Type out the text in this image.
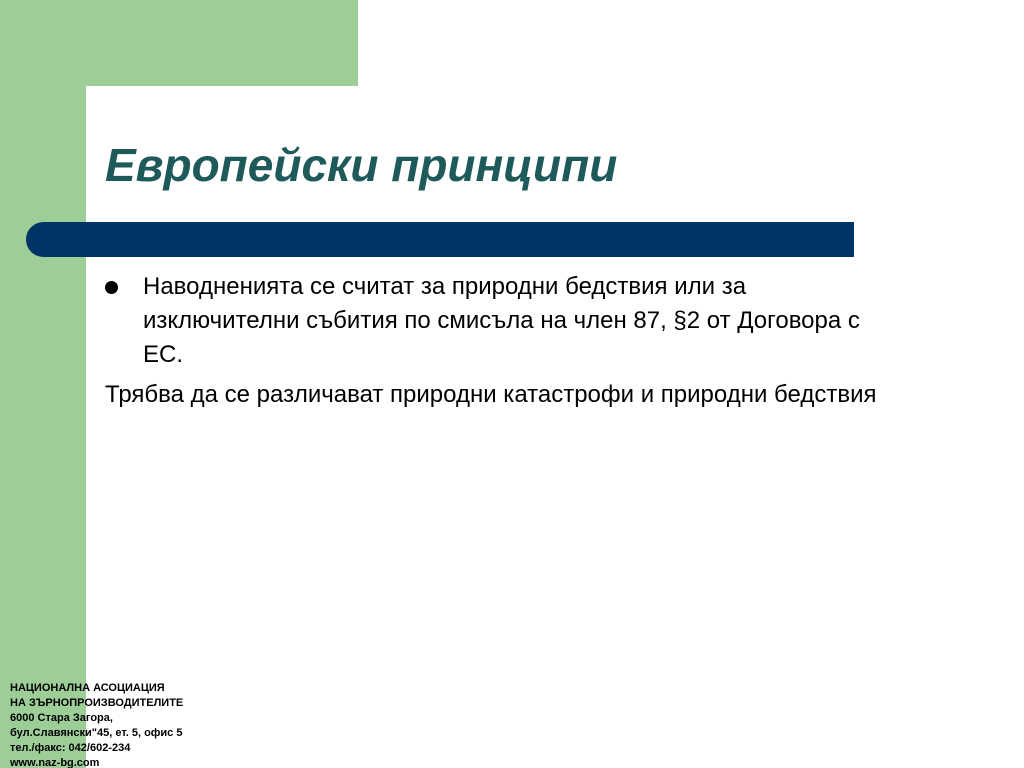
Европейски принципи

Наводненията се считат за природни бедствия или за изключителни събития по смисъла на член 87, §2 от Договора с ЕС.

Трябва да се различават природни катастрофи и природни бедствия

НАЦИОНАЛНА АСОЦИАЦИЯ
НА ЗЪРНОПРОИЗВОДИТЕЛИТЕ
6000 Стара Загора,
бул.Славянски"45, ет. 5, офис 5
тел./факс: 042/602-234
www.naz-bg.com
